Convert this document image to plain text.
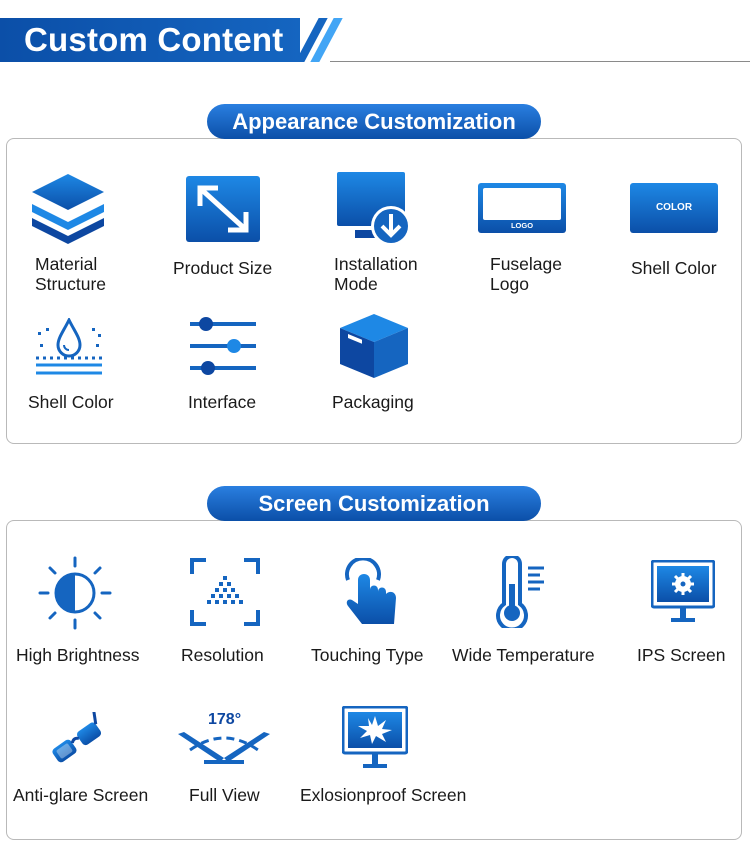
Custom Content
Appearance Customization
Material
Structure
Product Size	Installation
Mode
LOGO
Fuselage
Logo
COLOR
Shell Color
Shell Color	Interface	Packaging
Screen Customization
High Brightness Resolution	Touching Type Wide Temperature IPS Screen
Anti-glare Screen
178°
Full View Exlosionproof Screen
